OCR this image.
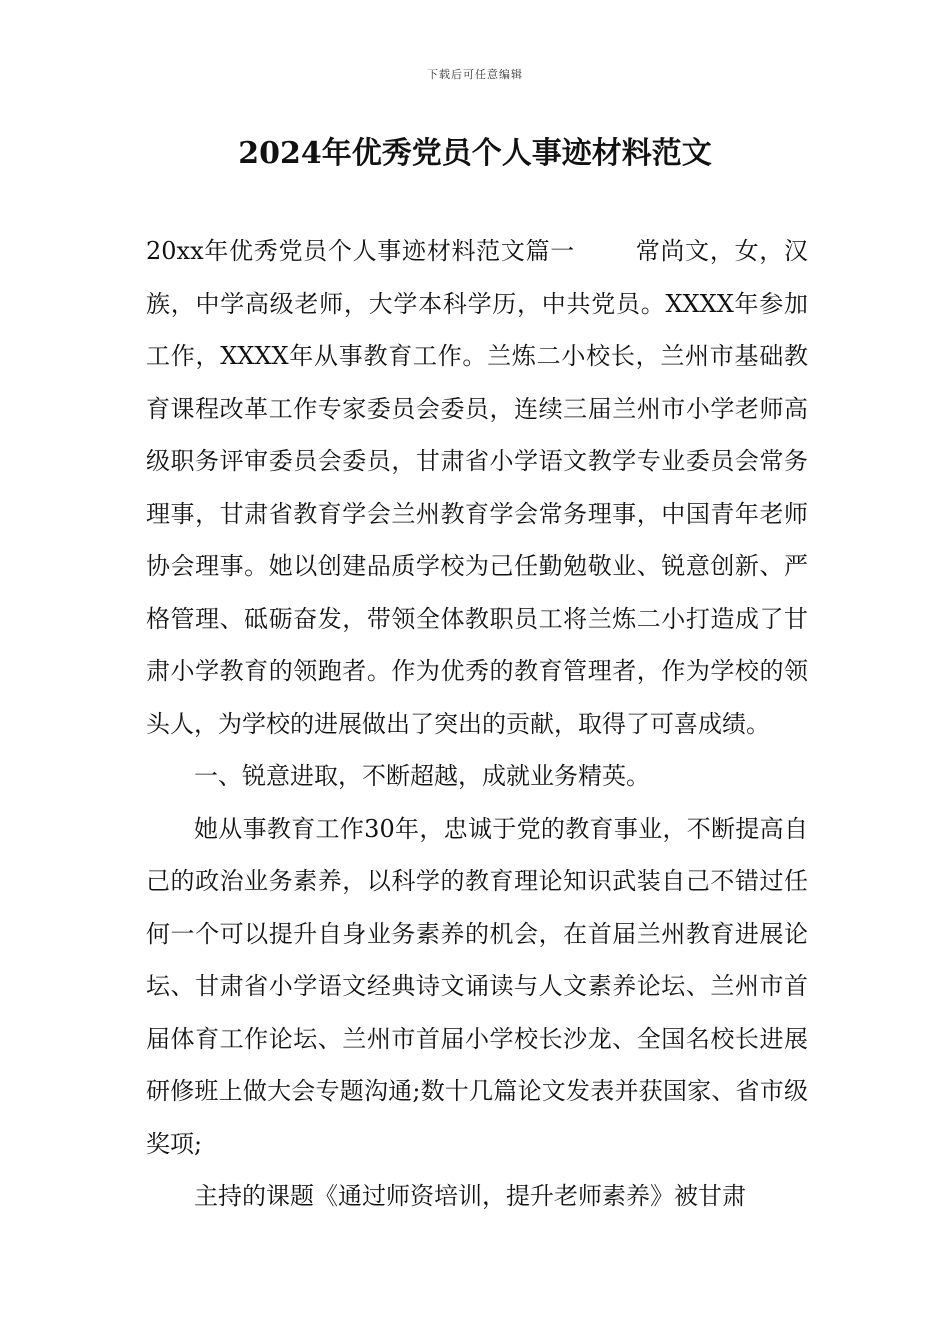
下载后可任意编辑
2024年优秀党员个人事迹材料范文

20xx年优秀党员个人事迹材料范文篇一	常尚文，女，汉族，中学高级老师，大学本科学历，中共党员。XXXX年参加工作，XXXX年从事教育工作。兰炼二小校长，兰州市基础教育课程改革工作专家委员会委员，连续三届兰州市小学老师高级职务评审委员会委员，甘肃省小学语文教学专业委员会常务理事，甘肃省教育学会兰州教育学会常务理事，中国青年老师协会理事。她以创建品质学校为己任勤勉敬业、锐意创新、严格管理、砥砺奋发，带领全体教职员工将兰炼二小打造成了甘肃小学教育的领跑者。作为优秀的教育管理者，作为学校的领头人，为学校的进展做出了突出的贡献，取得了可喜成绩。

一、锐意进取，不断超越，成就业务精英。

她从事教育工作30年，忠诚于党的教育事业，不断提高自己的政治业务素养，以科学的教育理论知识武装自己不错过任何一个可以提升自身业务素养的机会，在首届兰州教育进展论坛、甘肃省小学语文经典诗文诵读与人文素养论坛、兰州市首届体育工作论坛、兰州市首届小学校长沙龙、全国名校长进展研修班上做大会专题沟通;数十几篇论文发表并获国家、省市级奖项;

主持的课题《通过师资培训，提升老师素养》被甘肃
